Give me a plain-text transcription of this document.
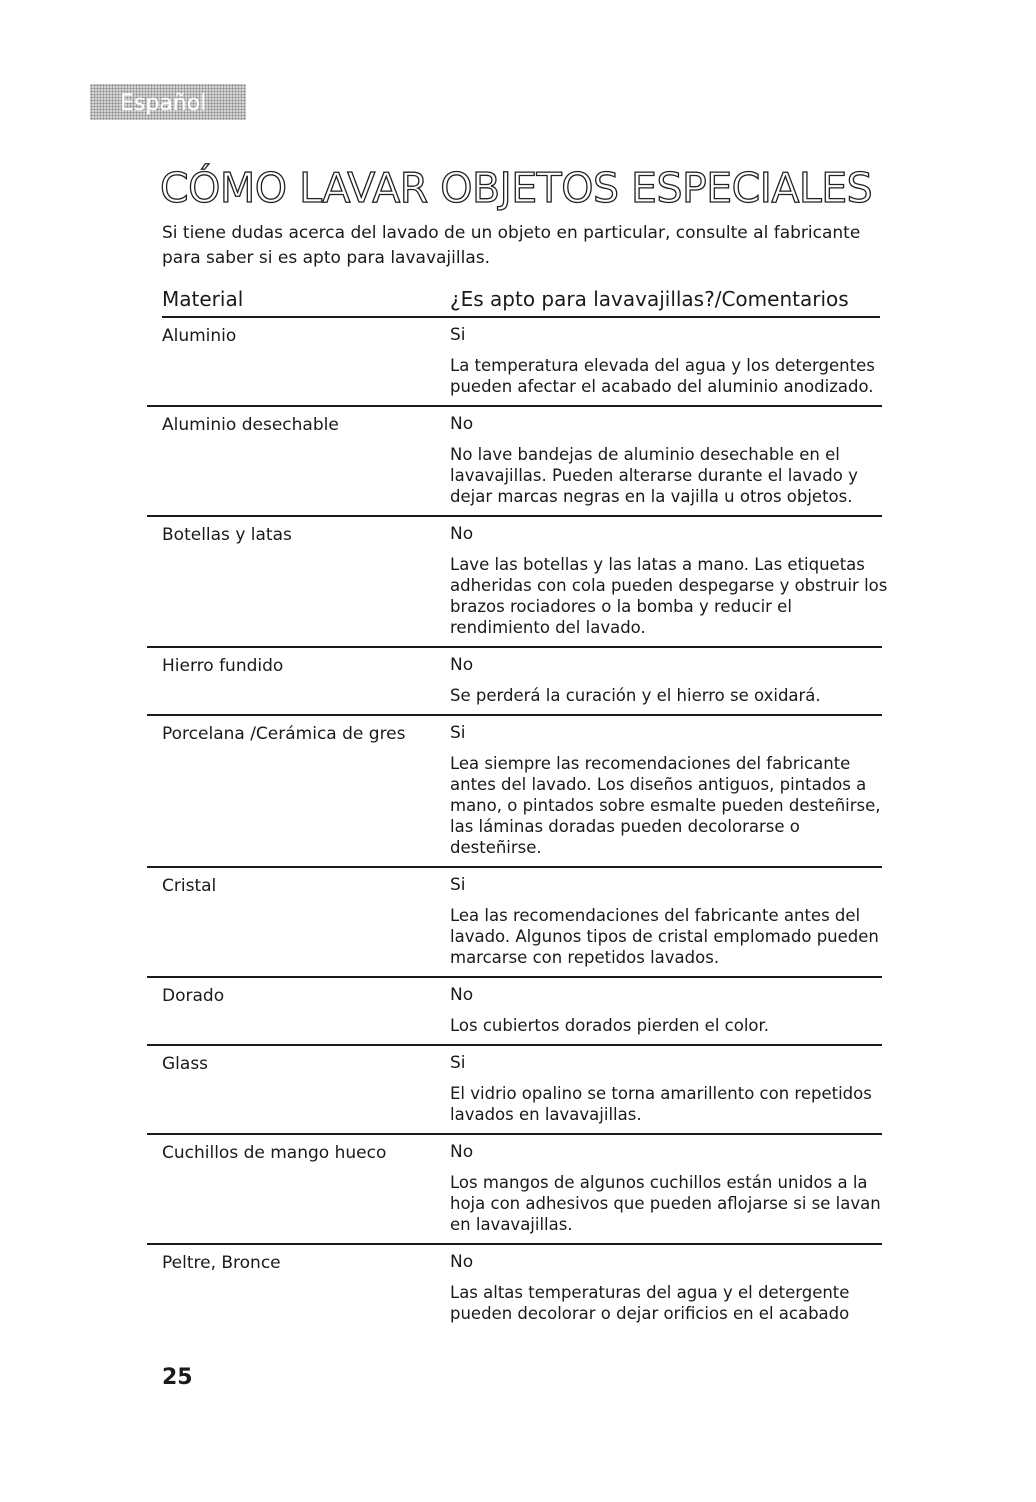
Español
CÓMO LAVAR OBJETOS ESPECIALES

Si tiene dudas acerca del lavado de un objeto en particular, consulte al fabricante para saber si es apto para lavavajillas.

Material	¿Es apto para lavavajillas?/Comentarios
Aluminio	Si
La temperatura elevada del agua y los detergentes pueden afectar el acabado del aluminio anodizado.
Aluminio desechable	No
No lave bandejas de aluminio desechable en el lavavajillas. Pueden alterarse durante el lavado y dejar marcas negras en la vajilla u otros objetos.
Botellas y latas	No
Lave las botellas y las latas a mano. Las etiquetas adheridas con cola pueden despegarse y obstruir los brazos rociadores o la bomba y reducir el rendimiento del lavado.
Hierro fundido	No
Se perderá la curación y el hierro se oxidará.
Porcelana /Cerámica de gres	Si
Lea siempre las recomendaciones del fabricante antes del lavado. Los diseños antiguos, pintados a mano, o pintados sobre esmalte pueden desteñirse, las láminas doradas pueden decolorarse o desteñirse.
Cristal	Si
Lea las recomendaciones del fabricante antes del lavado. Algunos tipos de cristal emplomado pueden marcarse con repetidos lavados.
Dorado	No
Los cubiertos dorados pierden el color.
Glass	Si
El vidrio opalino se torna amarillento con repetidos lavados en lavavajillas.
Cuchillos de mango hueco	No
Los mangos de algunos cuchillos están unidos a la hoja con adhesivos que pueden aflojarse si se lavan en lavavajillas.
Peltre, Bronce	No
Las altas temperaturas del agua y el detergente pueden decolorar o dejar orificios en el acabado
25
